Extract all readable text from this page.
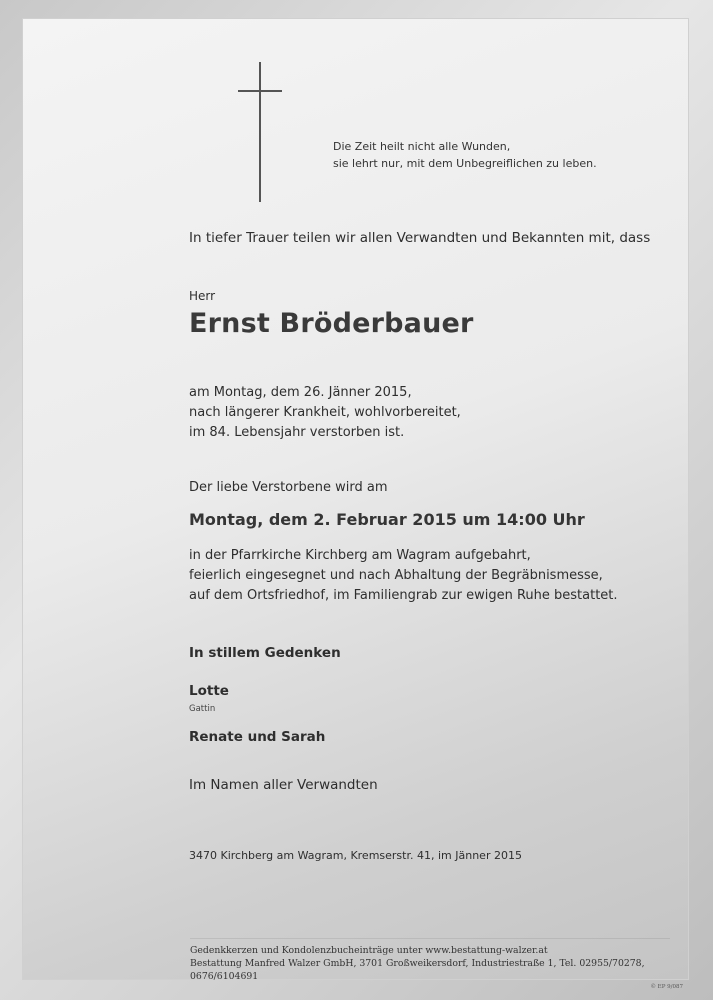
Die Zeit heilt nicht alle Wunden,
sie lehrt nur, mit dem Unbegreiflichen zu leben.
In tiefer Trauer teilen wir allen Verwandten und Bekannten mit, dass
Herr
Ernst Bröderbauer
am Montag, dem 26. Jänner 2015,
nach längerer Krankheit, wohlvorbereitet,
im 84. Lebensjahr verstorben ist.
Der liebe Verstorbene wird am
Montag, dem 2. Februar 2015 um 14:00 Uhr
in der Pfarrkirche Kirchberg am Wagram aufgebahrt,
feierlich eingesegnet und nach Abhaltung der Begräbnismesse,
auf dem Ortsfriedhof, im Familiengrab zur ewigen Ruhe bestattet.
In stillem Gedenken
Lotte
Gattin
Renate und Sarah
Im Namen aller Verwandten
3470 Kirchberg am Wagram, Kremserstr. 41, im Jänner 2015
Gedenkkerzen und Kondolenzbucheinträge unter www.bestattung-walzer.at
Bestattung Manfred Walzer GmbH, 3701 Großweikersdorf, Industriestraße 1, Tel. 02955/70278, 0676/6104691
© EP 9/087
